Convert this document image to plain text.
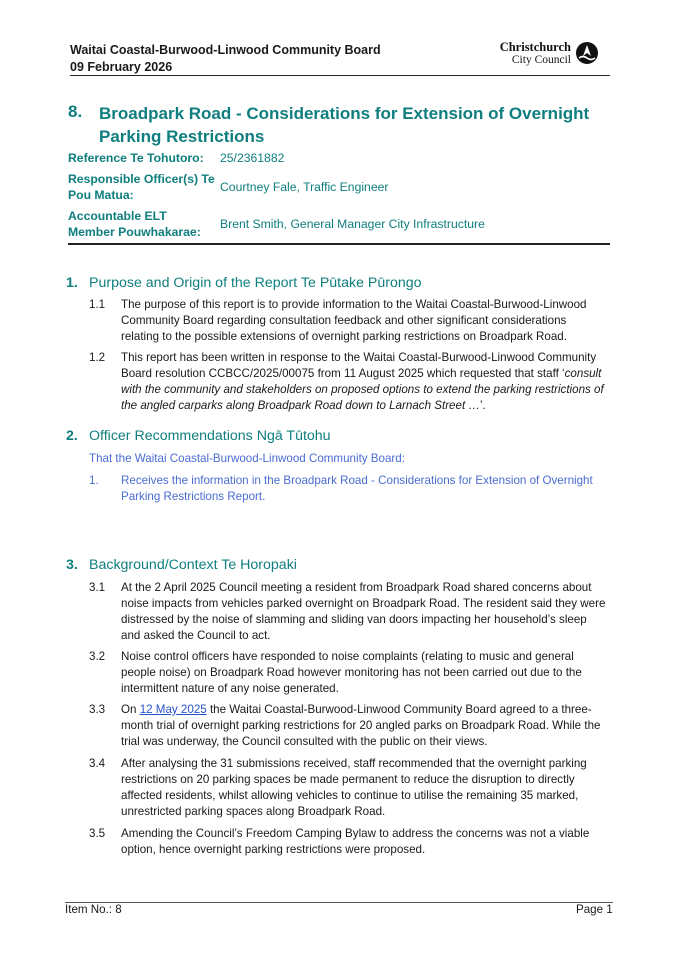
Waitai Coastal-Burwood-Linwood Community Board
09 February 2026
Christchurch
City Council
8. Broadpark Road - Considerations for Extension of Overnight
Parking Restrictions
Reference Te Tohutoro:	25/2361882
Responsible Officer(s) Te
Pou Matua:
Courtney Fale, Traffic Engineer
Accountable ELT
Member Pouwhakarae:
Brent Smith, General Manager City Infrastructure
1. Purpose and Origin of the Report Te Pūtake Pūrongo
1.1 The purpose of this report is to provide information to the Waitai Coastal-Burwood-Linwood
Community Board regarding consultation feedback and other significant considerations
relating to the possible extensions of overnight parking restrictions on Broadpark Road.
1.2 This report has been written in response to the Waitai Coastal-Burwood-Linwood Community
Board resolution CCBCC/2025/00075 from 11 August 2025 which requested that staff ‘consult
with the community and stakeholders on proposed options to extend the parking restrictions of
the angled carparks along Broadpark Road down to Larnach Street …’.
2. Officer Recommendations Ngā Tūtohu
That the Waitai Coastal-Burwood-Linwood Community Board:
1. Receives the information in the Broadpark Road - Considerations for Extension of Overnight
Parking Restrictions Report.
3. Background/Context Te Horopaki
3.1 At the 2 April 2025 Council meeting a resident from Broadpark Road shared concerns about
noise impacts from vehicles parked overnight on Broadpark Road. The resident said they were
distressed by the noise of slamming and sliding van doors impacting her household’s sleep
and asked the Council to act.
3.2 Noise control officers have responded to noise complaints (relating to music and general
people noise) on Broadpark Road however monitoring has not been carried out due to the
intermittent nature of any noise generated.
3.3 On 12 May 2025 the Waitai Coastal-Burwood-Linwood Community Board agreed to a three-
month trial of overnight parking restrictions for 20 angled parks on Broadpark Road. While the
trial was underway, the Council consulted with the public on their views.
3.4 After analysing the 31 submissions received, staff recommended that the overnight parking
restrictions on 20 parking spaces be made permanent to reduce the disruption to directly
affected residents, whilst allowing vehicles to continue to utilise the remaining 35 marked,
unrestricted parking spaces along Broadpark Road.
3.5 Amending the Council’s Freedom Camping Bylaw to address the concerns was not a viable
option, hence overnight parking restrictions were proposed.
Item No.: 8	Page 1
